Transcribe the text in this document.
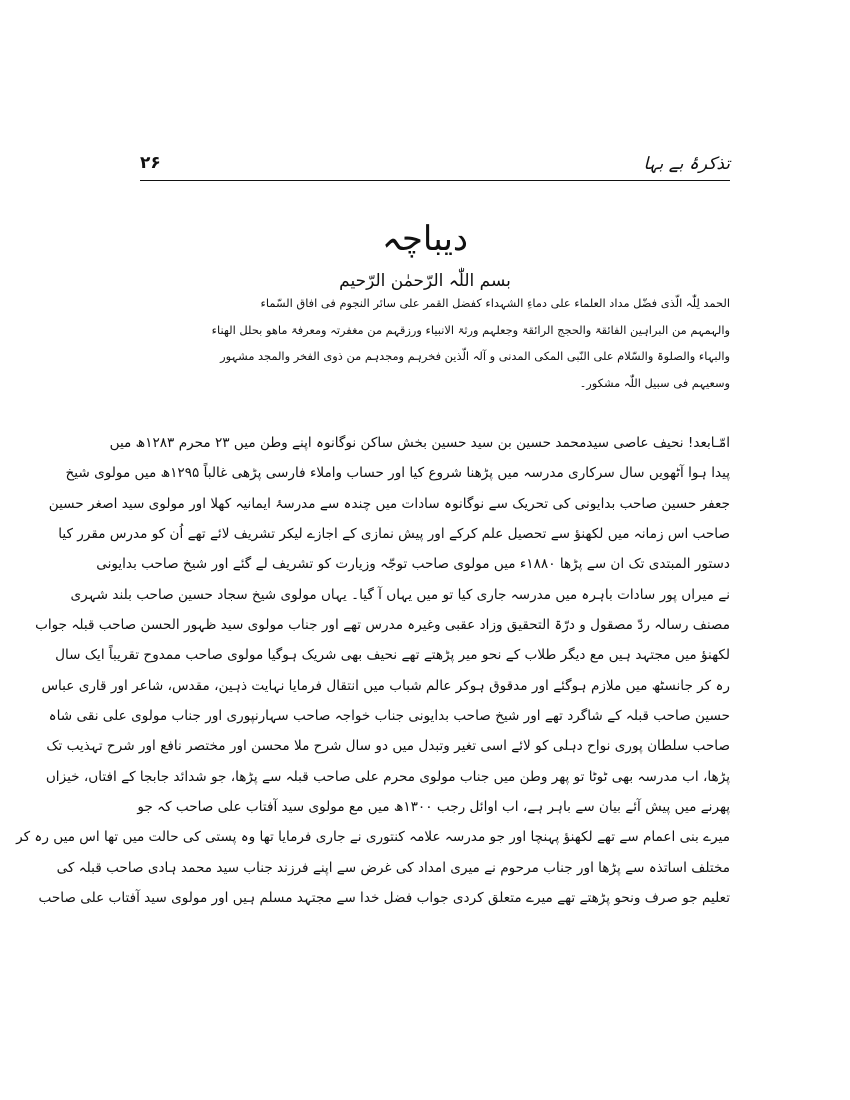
تذکرۂ بے بہا
۲۶
دیباچہ
بسم اللّٰہ الرّحمٰن الرّحیم

الحمد لِلّٰہ الّذی فضّل مداد العلماء علی دماءِ الشہداء کفضل القمر علی سائر النجوم فی افاق السّماء

والہمہم من البراہین الفائقۃ والحجج الرائقۃ وجعلہم ورثۃ الانبیاء ورزقہم من مغفرتہ ومعرفۃ ماھو بحلل الھناء

والبہاء والصلوۃ والسّلام علی النّبی المکی المدنی و آلہ الّذین فخرہم ومجدہم من ذوی الفخر والمجد مشہور

وسعیہم فی سبیل اللّٰہ مشکور۔

امّـابعد! نحیف عاصی سیدمحمد حسین بن سید حسین بخش ساکن نوگانوہ اپنے وطن میں ۲۳ محرم ۱۲۸۳ھ میں
پیدا ہوا آٹھویں سال سرکاری مدرسہ میں پڑھنا شروع کیا اور حساب واملاء فارسی پڑھی غالباً ۱۲۹۵ھ میں مولوی شیخ
جعفر حسین صاحب بدایونی کی تحریک سے نوگانوہ سادات میں چندہ سے مدرسۂ ایمانیہ کھلا اور مولوی سید اصغر حسین
صاحب اس زمانہ میں لکھنؤ سے تحصیل علم کرکے اور پیش نمازی کے اجازے لیکر تشریف لائے تھے اُن کو مدرس مقرر کیا
دستور المبتدی تک ان سے پڑھا ۱۸۸۰ء میں مولوی صاحب توجّہ وزیارت کو تشریف لے گئے اور شیخ صاحب بدایونی
نے میراں پور سادات باہرہ میں مدرسہ جاری کیا تو میں یہاں آ گیا۔ یہاں مولوی شیخ سجاد حسین صاحب بلند شہری
مصنف رسالہ ردّ مصقول و درّۃ التحقیق وزاد عقبی وغیرہ مدرس تھے اور جناب مولوی سید ظہور الحسن صاحب قبلہ جواب
لکھنؤ میں مجتہد ہیں مع دیگر طلاب کے نحو میر پڑھتے تھے نحیف بھی شریک ہوگیا مولوی صاحب ممدوح تقریباً ایک سال
رہ کر جانسٹھ میں ملازم ہوگئے اور مدقوق ہوکر عالم شباب میں انتقال فرمایا نہایت ذہین، مقدس، شاعر اور قاری عباس
حسین صاحب قبلہ کے شاگرد تھے اور شیخ صاحب بدایونی جناب خواجہ صاحب سہارنپوری اور جناب مولوی علی نقی شاہ
صاحب سلطان پوری نواح دہلی کو لائے اسی تغیر وتبدل میں دو سال شرح ملا محسن اور مختصر نافع اور شرح تہذیب تک
پڑھا، اب مدرسہ بھی ٹوٹا تو پھر وطن میں جناب مولوی محرم علی صاحب قبلہ سے پڑھا، جو شدائد جابجا کے افتاں، خیزاں
پھرنے میں پیش آئے بیان سے باہر ہے، اب اوائل رجب ۱۳۰۰ھ میں مع مولوی سید آفتاب علی صاحب کہ جو
میرے بنی اعمام سے تھے لکھنؤ پہنچا اور جو مدرسہ علامہ کنتوری نے جاری فرمایا تھا وہ پستی کی حالت میں تھا اس میں رہ کر
مختلف اساتذہ سے پڑھا اور جناب مرحوم نے میری امداد کی غرض سے اپنے فرزند جناب سید محمد ہادی صاحب قبلہ کی
تعلیم جو صرف ونحو پڑھتے تھے میرے متعلق کردی جواب فضل خدا سے مجتہد مسلم ہیں اور مولوی سید آفتاب علی صاحب
